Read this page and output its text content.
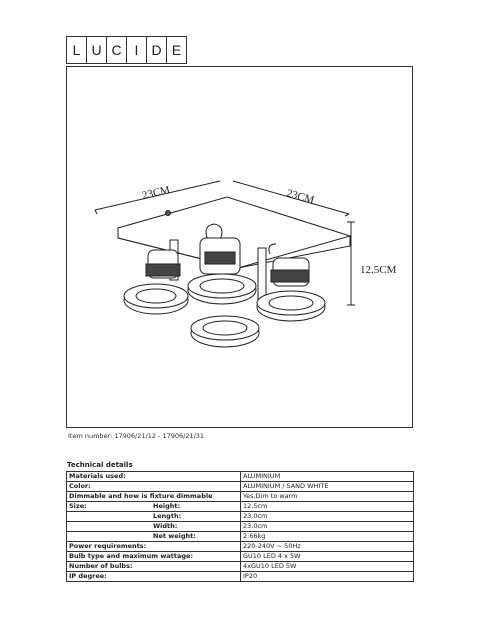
L U C I D E
23CM	23CM
12.5CM
Item number: 17906/21/12 - 17906/21/31
Technical details
Materials used:	ALUMINIUM
Color:	ALUMINIUM / SAND WHITE
Dimmable and how is fixture dimmable	Yes,Dim to warm
Size: Height:	12.5cm
Length:	23.0cm
Width:	23.0cm
Net weight:	2.66kg
Power requirements:	220-240V ~ 50Hz
Bulb type and maximum wattage:	GU10 LED 4 x 5W
Number of bulbs:	4xGU10 LED 5W
IP degree:	IP20
